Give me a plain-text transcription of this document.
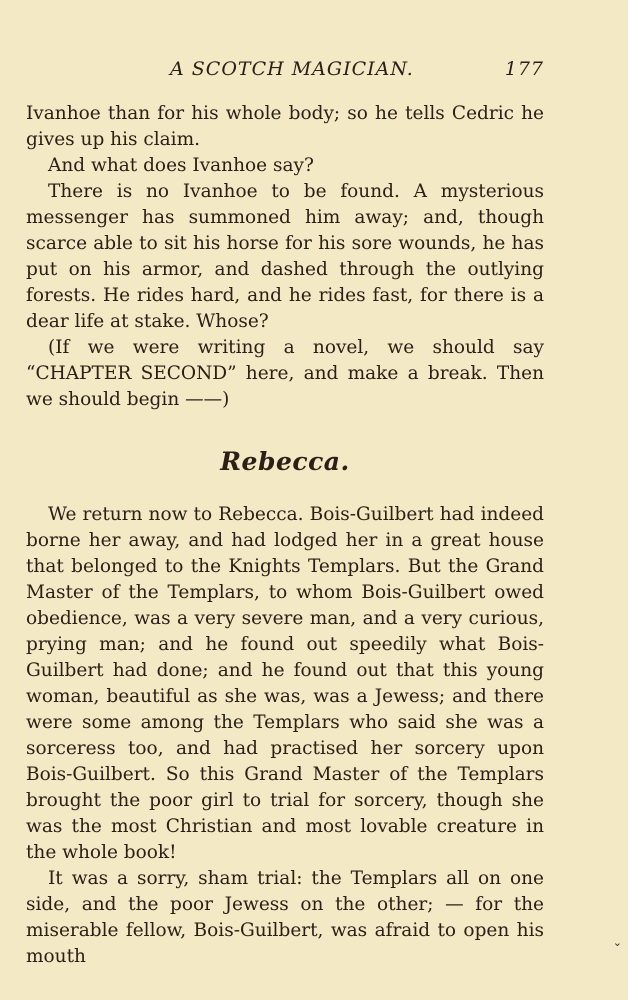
A SCOTCH MAGICIAN.	177

Ivanhoe than for his whole body; so he tells Cedric he gives up his claim.

And what does Ivanhoe say?

There is no Ivanhoe to be found. A mysterious messenger has summoned him away; and, though scarce able to sit his horse for his sore wounds, he has put on his armor, and dashed through the outlying forests. He rides hard, and he rides fast, for there is a dear life at stake. Whose?

(If we were writing a novel, we should say “CHAPTER SECOND” here, and make a break. Then we should begin ——)

Rebecca.

We return now to Rebecca. Bois-Guilbert had indeed borne her away, and had lodged her in a great house that belonged to the Knights Templars. But the Grand Master of the Templars, to whom Bois-Guilbert owed obedience, was a very severe man, and a very curious, prying man; and he found out speedily what Bois-Guilbert had done; and he found out that this young woman, beautiful as she was, was a Jewess; and there were some among the Templars who said she was a sorceress too, and had practised her sorcery upon Bois-Guilbert. So this Grand Master of the Templars brought the poor girl to trial for sorcery, though she was the most Christian and most lovable creature in the whole book!

It was a sorry, sham trial: the Templars all on one side, and the poor Jewess on the other; — for the miserable fellow, Bois-Guilbert, was afraid to open his mouth

⌄
